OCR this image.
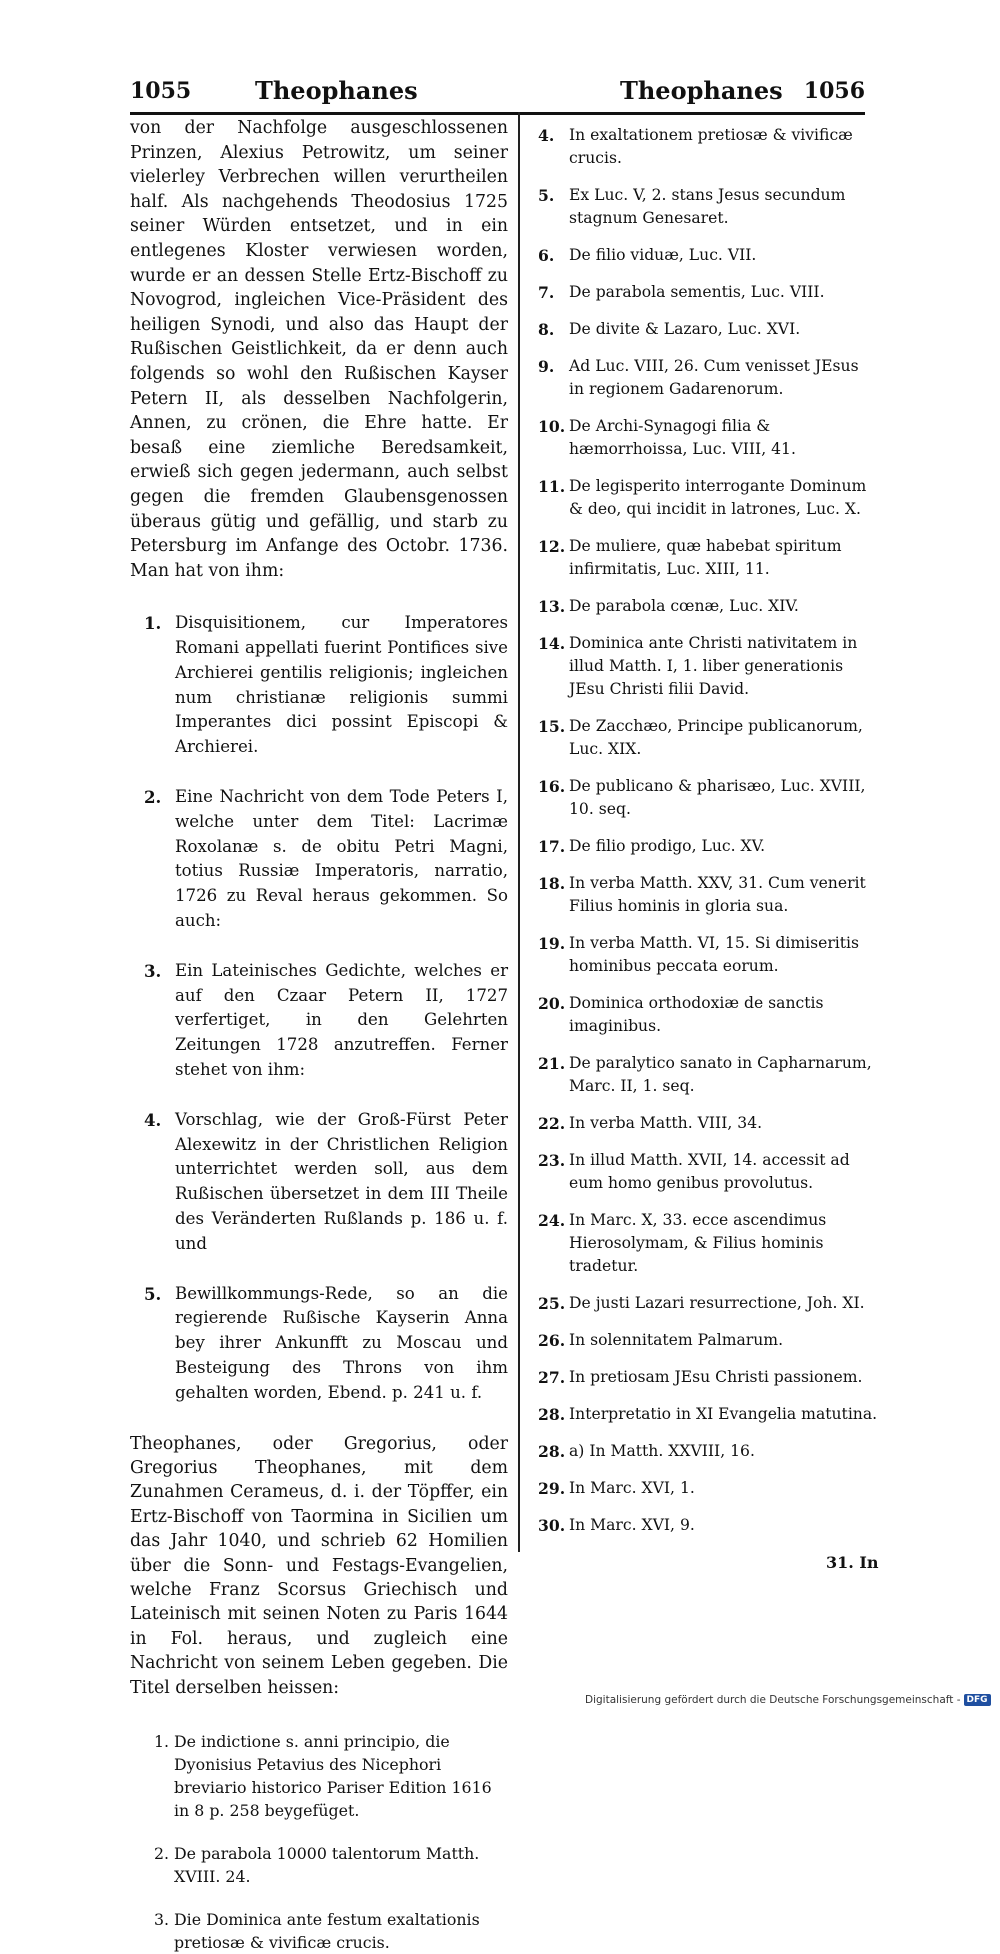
1055	Theophanes	Theophanes 1056

von der Nachfolge ausgeschlossenen Prinzen, Alexius Petrowitz, um seiner vielerley Verbrechen willen verurtheilen half. Als nachgehends Theodosius 1725 seiner Würden entsetzet, und in ein entlegenes Kloster verwiesen worden, wurde er an dessen Stelle Ertz-Bischoff zu Novogrod, ingleichen Vice-Präsident des heiligen Synodi, und also das Haupt der Rußischen Geistlichkeit, da er denn auch folgends so wohl den Rußischen Kayser Petern II, als desselben Nachfolgerin, Annen, zu crönen, die Ehre hatte. Er besaß eine ziemliche Beredsamkeit, erwieß sich gegen jedermann, auch selbst gegen die fremden Glaubensgenossen überaus gütig und gefällig, und starb zu Petersburg im Anfange des Octobr. 1736. Man hat von ihm:

1. Disquisitionem, cur Imperatores Romani appellati fuerint Pontifices sive Archierei gentilis religionis; ingleichen num christianæ religionis summi Imperantes dici possint Episcopi & Archierei.
2. Eine Nachricht von dem Tode Peters I, welche unter dem Titel: Lacrimæ Roxolanæ s. de obitu Petri Magni, totius Russiæ Imperatoris, narratio, 1726 zu Reval heraus gekommen. So auch:
3. Ein Lateinisches Gedichte, welches er auf den Czaar Petern II, 1727 verfertiget, in den Gelehrten Zeitungen 1728 anzutreffen. Ferner stehet von ihm:
4. Vorschlag, wie der Groß-Fürst Peter Alexewitz in der Christlichen Religion unterrichtet werden soll, aus dem Rußischen übersetzet in dem III Theile des Veränderten Rußlands p. 186 u. f. und
5. Bewillkommungs-Rede, so an die regierende Rußische Kayserin Anna bey ihrer Ankunfft zu Moscau und Besteigung des Throns von ihm gehalten worden, Ebend. p. 241 u. f.

Theophanes, oder Gregorius, oder Gregorius Theophanes, mit dem Zunahmen Cerameus, d. i. der Töpffer, ein Ertz-Bischoff von Taormina in Sicilien um das Jahr 1040, und schrieb 62 Homilien über die Sonn- und Festags-Evangelien, welche Franz Scorsus Griechisch und Lateinisch mit seinen Noten zu Paris 1644 in Fol. heraus, und zugleich eine Nachricht von seinem Leben gegeben. Die Titel derselben heissen:

1. De indictione s. anni principio, die Dyonisius Petavius des Nicephori breviario historico Pariser Edition 1616 in 8 p. 258 beygefüget.
2. De parabola 10000 talentorum Matth. XVIII. 24.
3. Die Dominica ante festum exaltationis pretiosæ & vivificæ crucis.
4. In exaltationem pretiosæ & vivificæ crucis.
5. Ex Luc. V, 2. stans Jesus secundum stagnum Genesaret.
6. De filio viduæ, Luc. VII.
7. De parabola sementis, Luc. VIII.
8. De divite & Lazaro, Luc. XVI.
9. Ad Luc. VIII, 26. Cum venisset JEsus in regionem Gadarenorum.
10. De Archi-Synagogi filia & hæmorrhoissa, Luc. VIII, 41.
11. De legisperito interrogante Dominum & deo, qui incidit in latrones, Luc. X.
12. De muliere, quæ habebat spiritum infirmitatis, Luc. XIII, 11.
13. De parabola cœnæ, Luc. XIV.
14. Dominica ante Christi nativitatem in illud Matth. I, 1. liber generationis JEsu Christi filii David.
15. De Zacchæo, Principe publicanorum, Luc. XIX.
16. De publicano & pharisæo, Luc. XVIII, 10. seq.
17. De filio prodigo, Luc. XV.
18. In verba Matth. XXV, 31. Cum venerit Filius hominis in gloria sua.
19. In verba Matth. VI, 15. Si dimiseritis hominibus peccata eorum.
20. Dominica orthodoxiæ de sanctis imaginibus.
21. De paralytico sanato in Capharnarum, Marc. II, 1. seq.
22. In verba Matth. VIII, 34.
23. In illud Matth. XVII, 14. accessit ad eum homo genibus provolutus.
24. In Marc. X, 33. ecce ascendimus Hierosolymam, & Filius hominis tradetur.
25. De justi Lazari resurrectione, Joh. XI.
26. In solennitatem Palmarum.
27. In pretiosam JEsu Christi passionem.
28. Interpretatio in XI Evangelia matutina.
28. a) In Matth. XXVIII, 16.
29. In Marc. XVI, 1.
30. In Marc. XVI, 9.
31. In
Digitalisierung gefördert durch die Deutsche Forschungsgemeinschaft - DFG
